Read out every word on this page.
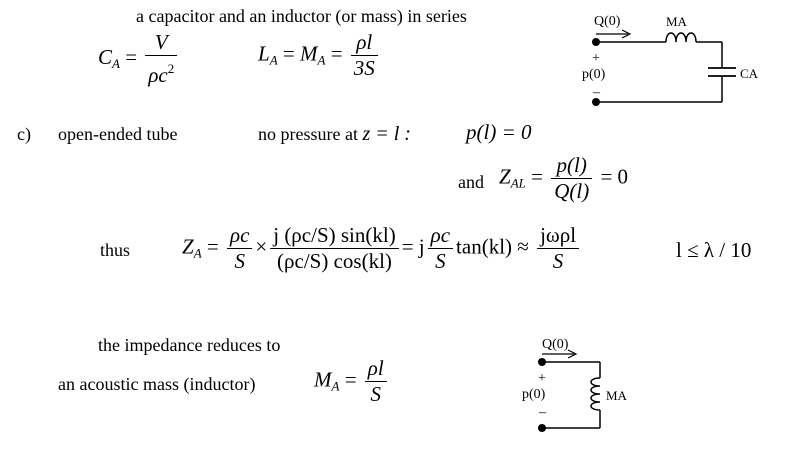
a capacitor and an inductor (or mass) in series
$C_A = \frac{V}{\rho c^2}$	$L_A = M_A = \frac{\rho l}{3S}$
Q(0)	MA
CA
+
p(0)
–
c) open-ended tube	no pressure at z = l :	p(l) = 0
and $Z_{AL} = \frac{p(l)}{Q(l)} = 0$
thus $Z_A = \frac{\rho c}{S} \times \frac{j (\rho c/S) \sin(kl)}{(\rho c/S) \cos(kl)} = j \frac{\rho c}{S} \tan(kl) \approx \frac{\text{jωρl}}{S}$	l ≤ λ / 10
the impedance reduces to
an acoustic mass (inductor)	$M_A = \frac{\rho l}{S}$
Q(0)
MA
+
p(0)
–
